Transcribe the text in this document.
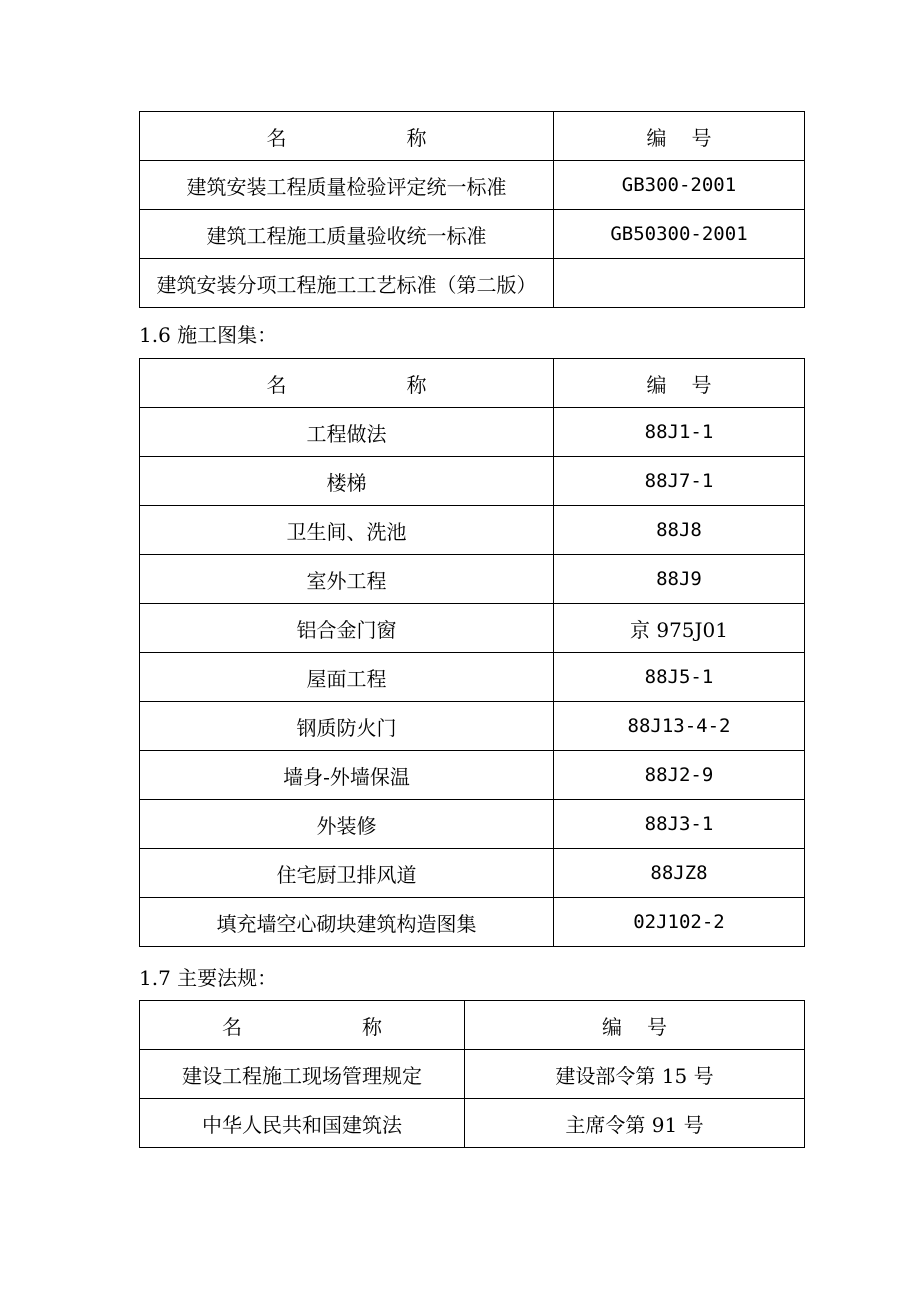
名 称	编 号
建筑安装工程质量检验评定统一标准	GB300-2001
建筑工程施工质量验收统一标准	GB50300-2001
建筑安装分项工程施工工艺标准（第二版）	
1.6 施工图集：
名 称	编 号
工程做法	88J1-1
楼梯	88J7-1
卫生间、洗池	88J8
室外工程	88J9
铝合金门窗	京 975J01
屋面工程	88J5-1
钢质防火门	88J13-4-2
墙身-外墙保温	88J2-9
外装修	88J3-1
住宅厨卫排风道	88JZ8
填充墙空心砌块建筑构造图集	02J102-2
1.7 主要法规：
名 称	编 号
建设工程施工现场管理规定	建设部令第 15 号
中华人民共和国建筑法	主席令第 91 号
